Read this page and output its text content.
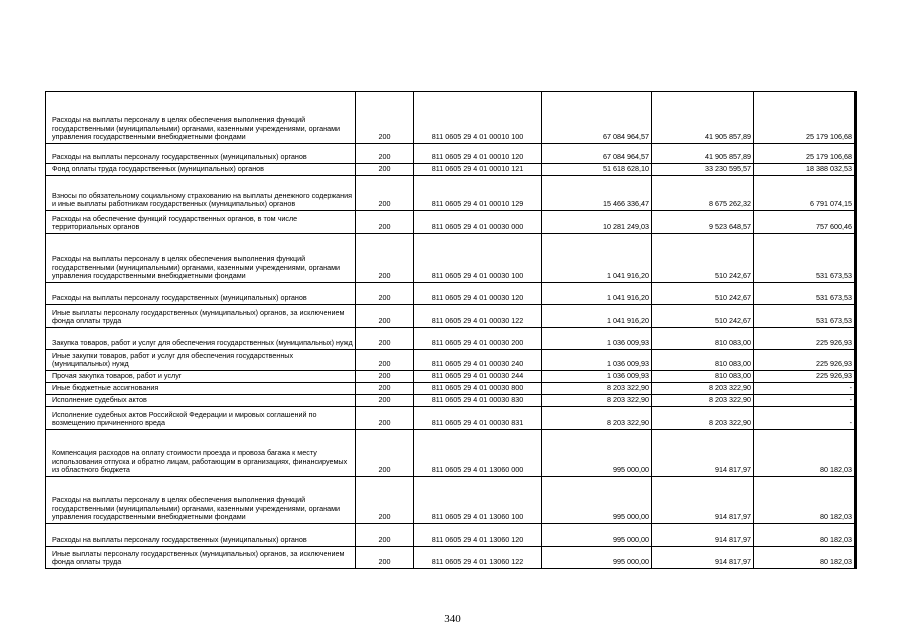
Расходы на выплаты персоналу в целях обеспечения выполнения функций государственными (муниципальными) органами, казенными учреждениями, органами управления государственными внебюджетными фондами	200	811 0605 29 4 01 00010 100	67 084 964,57	41 905 857,89	25 179 106,68
Расходы на выплаты персоналу государственных (муниципальных) органов	200	811 0605 29 4 01 00010 120	67 084 964,57	41 905 857,89	25 179 106,68
Фонд оплаты труда государственных (муниципальных) органов	200	811 0605 29 4 01 00010 121	51 618 628,10	33 230 595,57	18 388 032,53
Взносы по обязательному социальному страхованию на выплаты денежного содержания и иные выплаты работникам государственных (муниципальных) органов	200	811 0605 29 4 01 00010 129	15 466 336,47	8 675 262,32	6 791 074,15
Расходы на обеспечение функций государственных органов, в том числе территориальных органов	200	811 0605 29 4 01 00030 000	10 281 249,03	9 523 648,57	757 600,46
Расходы на выплаты персоналу в целях обеспечения выполнения функций государственными (муниципальными) органами, казенными учреждениями, органами управления государственными внебюджетными фондами	200	811 0605 29 4 01 00030 100	1 041 916,20	510 242,67	531 673,53
Расходы на выплаты персоналу государственных (муниципальных) органов	200	811 0605 29 4 01 00030 120	1 041 916,20	510 242,67	531 673,53
Иные выплаты персоналу государственных (муниципальных) органов, за исключением фонда оплаты труда	200	811 0605 29 4 01 00030 122	1 041 916,20	510 242,67	531 673,53
Закупка товаров, работ и услуг для обеспечения государственных (муниципальных) нужд	200	811 0605 29 4 01 00030 200	1 036 009,93	810 083,00	225 926,93
Иные закупки товаров, работ и услуг для обеспечения государственных (муниципальных) нужд	200	811 0605 29 4 01 00030 240	1 036 009,93	810 083,00	225 926,93
Прочая закупка товаров, работ и услуг	200	811 0605 29 4 01 00030 244	1 036 009,93	810 083,00	225 926,93
Иные бюджетные ассигнования	200	811 0605 29 4 01 00030 800	8 203 322,90	8 203 322,90	-
Исполнение судебных актов	200	811 0605 29 4 01 00030 830	8 203 322,90	8 203 322,90	-
Исполнение судебных актов Российской Федерации и мировых соглашений по возмещению причиненного вреда	200	811 0605 29 4 01 00030 831	8 203 322,90	8 203 322,90	-
Компенсация расходов на оплату стоимости проезда и провоза багажа к месту использования отпуска и обратно лицам, работающим в организациях, финансируемых из областного бюджета	200	811 0605 29 4 01 13060 000	995 000,00	914 817,97	80 182,03
Расходы на выплаты персоналу в целях обеспечения выполнения функций государственными (муниципальными) органами, казенными учреждениями, органами управления государственными внебюджетными фондами	200	811 0605 29 4 01 13060 100	995 000,00	914 817,97	80 182,03
Расходы на выплаты персоналу государственных (муниципальных) органов	200	811 0605 29 4 01 13060 120	995 000,00	914 817,97	80 182,03
Иные выплаты персоналу государственных (муниципальных) органов, за исключением фонда оплаты труда	200	811 0605 29 4 01 13060 122	995 000,00	914 817,97	80 182,03
340
